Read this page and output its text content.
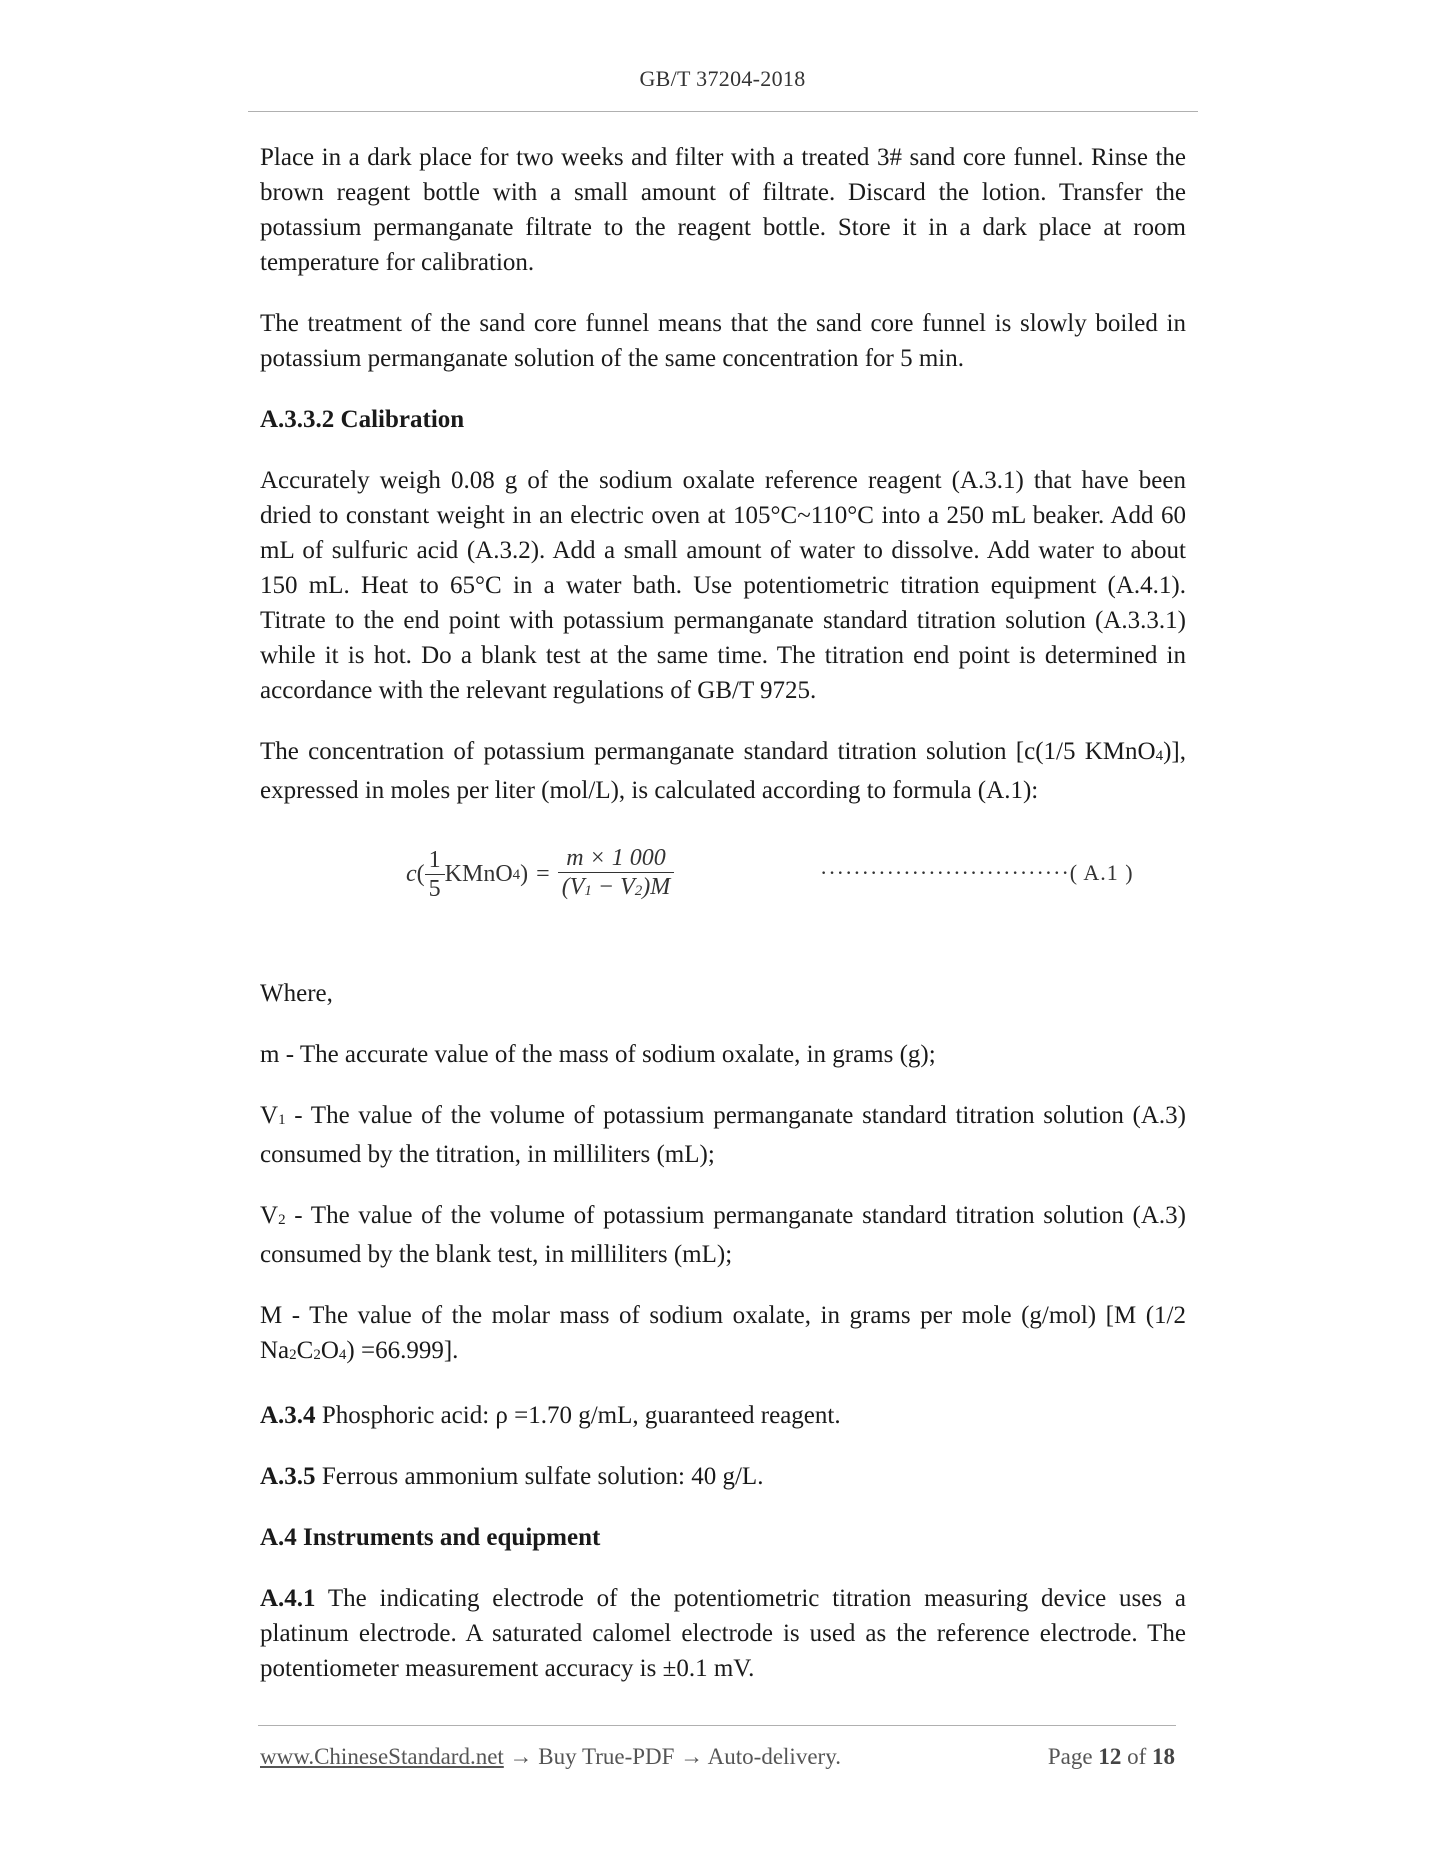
GB/T 37204-2018

Place in a dark place for two weeks and filter with a treated 3# sand core funnel. Rinse the brown reagent bottle with a small amount of filtrate. Discard the lotion. Transfer the potassium permanganate filtrate to the reagent bottle. Store it in a dark place at room temperature for calibration.

The treatment of the sand core funnel means that the sand core funnel is slowly boiled in potassium permanganate solution of the same concentration for 5 min.

A.3.3.2 Calibration

Accurately weigh 0.08 g of the sodium oxalate reference reagent (A.3.1) that have been dried to constant weight in an electric oven at 105°C~110°C into a 250 mL beaker. Add 60 mL of sulfuric acid (A.3.2). Add a small amount of water to dissolve. Add water to about 150 mL. Heat to 65°C in a water bath. Use potentiometric titration equipment (A.4.1). Titrate to the end point with potassium permanganate standard titration solution (A.3.3.1) while it is hot. Do a blank test at the same time. The titration end point is determined in accordance with the relevant regulations of GB/T 9725.

The concentration of potassium permanganate standard titration solution [c(1/5 KMnO$_4$)], expressed in moles per liter (mol/L), is calculated according to formula (A.1):

c ( $\frac{1}{5}$ KMnO$_4$ ) = $\frac{m \times 1 000}{(V_1 - V_2)M}$	······························( A.1 )

Where,

m - The accurate value of the mass of sodium oxalate, in grams (g);

$V_1$ - The value of the volume of potassium permanganate standard titration solution (A.3) consumed by the titration, in milliliters (mL);

$V_2$ - The value of the volume of potassium permanganate standard titration solution (A.3) consumed by the blank test, in milliliters (mL);

M - The value of the molar mass of sodium oxalate, in grams per mole (g/mol) [M (1/2 $Na_2C_2O_4) =66.999$].

A.3.4 Phosphoric acid: ρ =1.70 g/mL, guaranteed reagent.

A.3.5 Ferrous ammonium sulfate solution: 40 g/L.

A.4 Instruments and equipment

A.4.1 The indicating electrode of the potentiometric titration measuring device uses a platinum electrode. A saturated calomel electrode is used as the reference electrode. The potentiometer measurement accuracy is ±0.1 mV.

www.ChineseStandard.net → Buy True-PDF → Auto-delivery.	Page 12 of 18
